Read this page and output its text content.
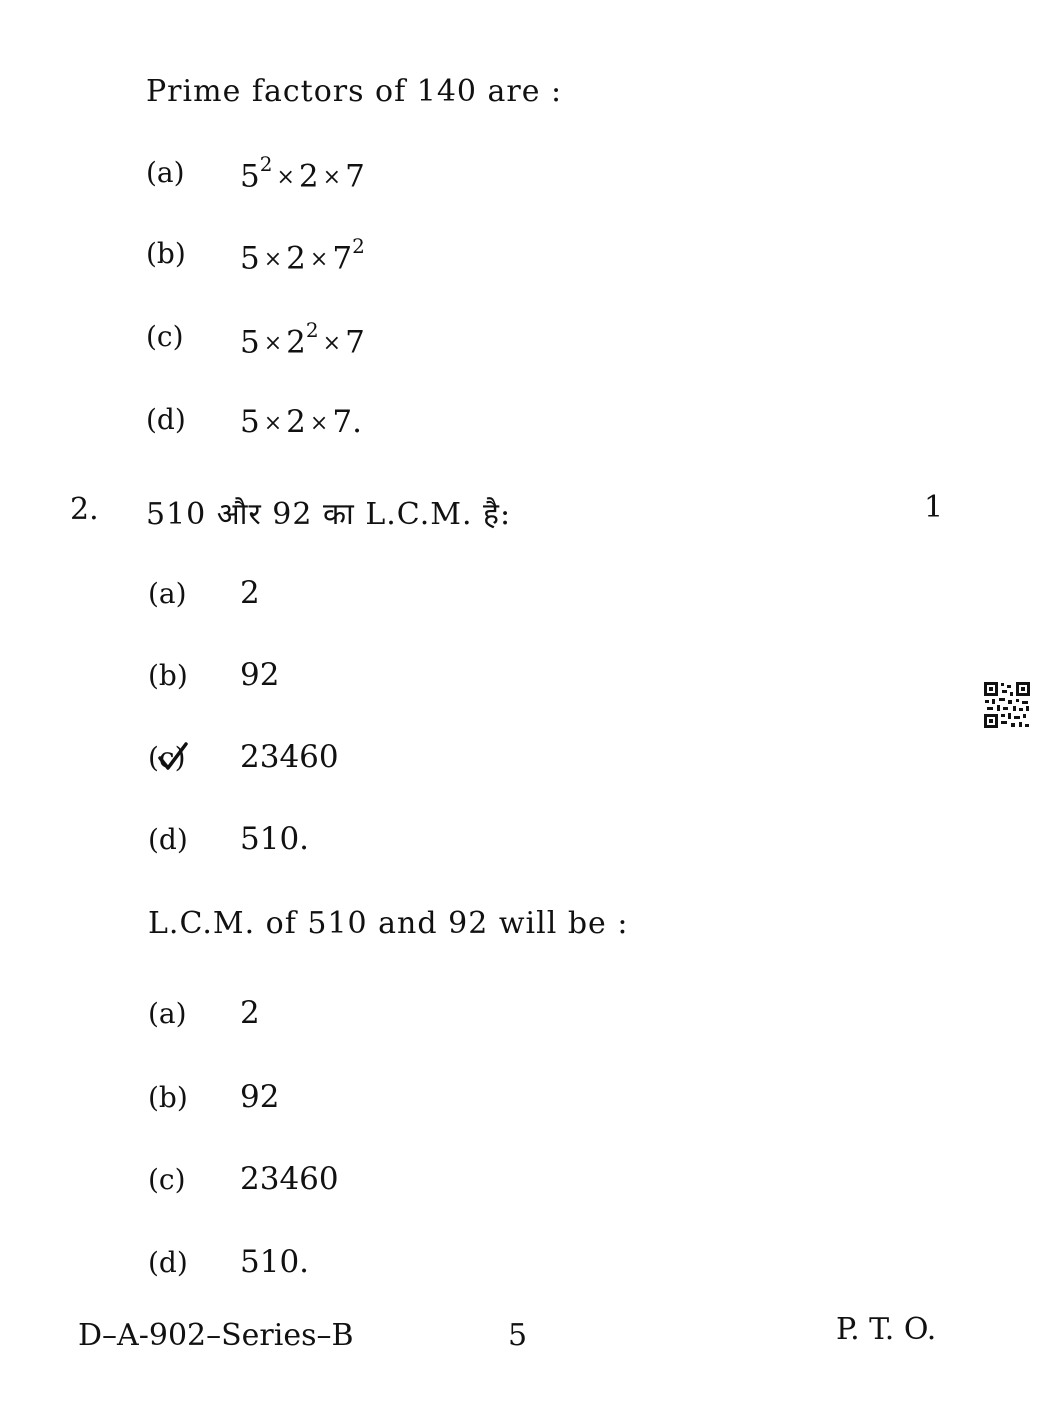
Prime factors of 140 are :
(a) $5^2\times 2 \times 7$
(b) $5 \times 2 \times 7^2$
(c) $5 \times 2^2\times 7$
(d) 5 × 2 × 7.
2. 510 और 92 का L.C.M. है:	1
(a) 2
(b) 92
(c) 23460
(d) 510.
L.C.M. of 510 and 92 will be :
(a) 2
(b) 92
(c) 23460
(d) 510.
D–A-902–Series–B	5	P. T. O.
